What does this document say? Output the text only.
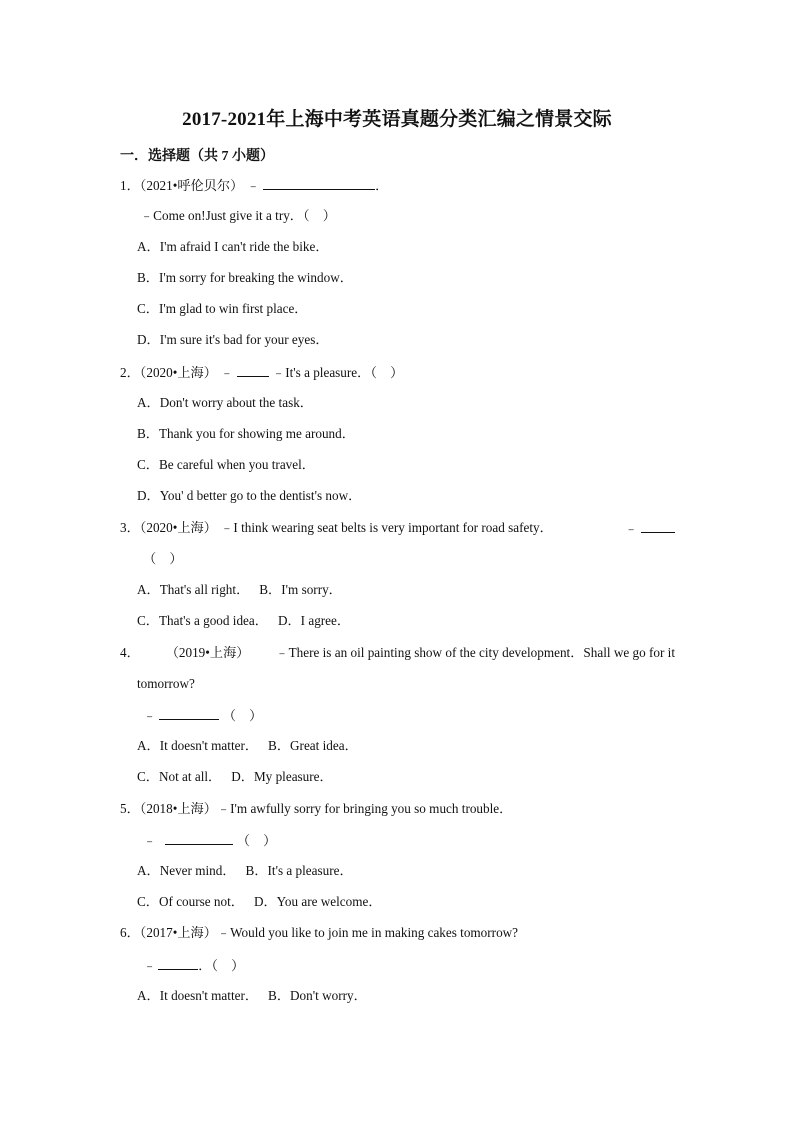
2017-2021年上海中考英语真题分类汇编之情景交际
一．选择题（共 7 小题）
1．（2021•呼伦贝尔） ﹣	．
﹣Come on!Just give it a try．（　）
A．I'm afraid I can't ride the bike．
B．I'm sorry for breaking the window．
C．I'm glad to win first place．
D．I'm sure it's bad for your eyes．
2．（2020•上海） ﹣	﹣It's a pleasure．（　）
A．Don't worry about the task．
B．Thank you for showing me around．
C．Be careful when you travel．
D．You' d better go to the dentist's now．
3．（2020•上海） ﹣I think wearing seat belts is very important for road safety．	﹣
（　）
A．That's all right． B．I'm sorry．
C．That's a good idea． D．I agree．
4． （2019•上海） ﹣There is an oil painting show of the city development．Shall we go for it
tomorrow?
﹣	（　）
A．It doesn't matter． B．Great idea．
C．Not at all． D．My pleasure．
5．（2018•上海）﹣I'm awfully sorry for bringing you so much trouble．
﹣	（　）
A．Never mind． B．It's a pleasure．
C．Of course not． D．You are welcome．
6．（2017•上海）﹣Would you like to join me in making cakes tomorrow?
﹣	．（　）
A．It doesn't matter． B．Don't worry．
